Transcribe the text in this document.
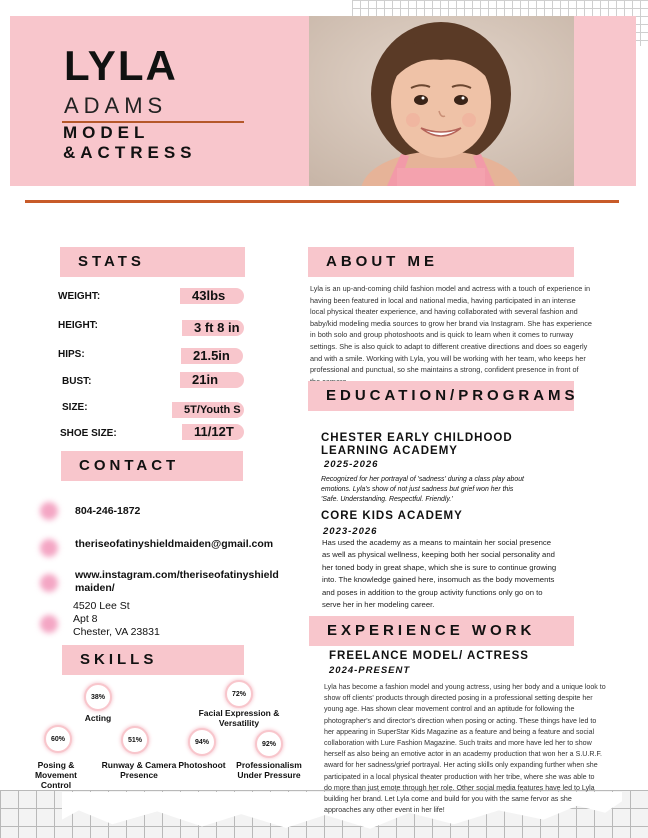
LYLA
ADAMS
MODEL
&ACTRESS
STATS
WEIGHT:	43lbs
HEIGHT:	3 ft 8 in
HIPS:	21.5in
BUST:	21in
SIZE:	5T/Youth S
SHOE SIZE:	11/12T
CONTACT
804-246-1872
theriseofatinyshieldmaiden@gmail.com
www.instagram.com/theriseofatinyshield
maiden/
4520 Lee St
Apt 8
Chester, VA 23831
SKILLS
38%
Acting
72%
Facial Expression & Versatility
60%
Posing & Movement Control
51%
Runway & Camera Presence
94%
Photoshoot
92%
Professionalism Under Pressure
ABOUT ME
Lyla is an up-and-coming child fashion model and actress with a touch of experience in
having been featured in local and national media, having participated in an intense
local physical theater experience, and having collaborated with several fashion and
baby/kid modeling media sources to grow her brand via Instagram. She has experience
in both solo and group photoshoots and is quick to learn when it comes to runway
settings. She is also quick to adapt to different creative directions and does so eagerly
and with a smile. Working with Lyla, you will be working with her team, who keeps her
professional and punctual, so she maintains a strong, confident presence in front of
EDUCATION/PROGRAMS
CHESTER EARLY CHILDHOOD
LEARNING ACADEMY
2025-2026
Recognized for her portrayal of 'sadness' during a class play about
emotions. Lyla's show of not just sadness but grief won her this
'Safe. Understanding. Respectful. Friendly.'
CORE KIDS ACADEMY
2023-2026
Has used the academy as a means to maintain her social presence
as well as physical wellness, keeping both her social personality and
her toned body in great shape, which she is sure to continue growing
into. The knowledge gained here, insomuch as the body movements
and poses in addition to the group activity functions only go on to
serve her in her modeling career.
EXPERIENCE WORK
FREELANCE MODEL/ ACTRESS
2024-PRESENT
Lyla has become a fashion model and young actress, using her body and a unique look to
show off clients' products through directed posing in a professional setting despite her
young age. Has shown clear movement control and an aptitude for following the
photographer's and director's direction when posing or acting. These things have led to
her appearing in SuperStar Kids Magazine as a feature and being a feature and social
collaboration with Lure Fashion Magazine. Such traits and more have led her to show
herself as also being an emotive actor in an academy production that won her a S.U.R.F.
award for her sadness/grief portrayal. Her acting skills only expanding further when she
participated in a local physical theater production with her tribe, where she was able to
do more than just emote through her role. Other social media features have led to Lyla
building her brand. Let Lyla come and build for you with the same fervor as she
approaches any other event in her life!
